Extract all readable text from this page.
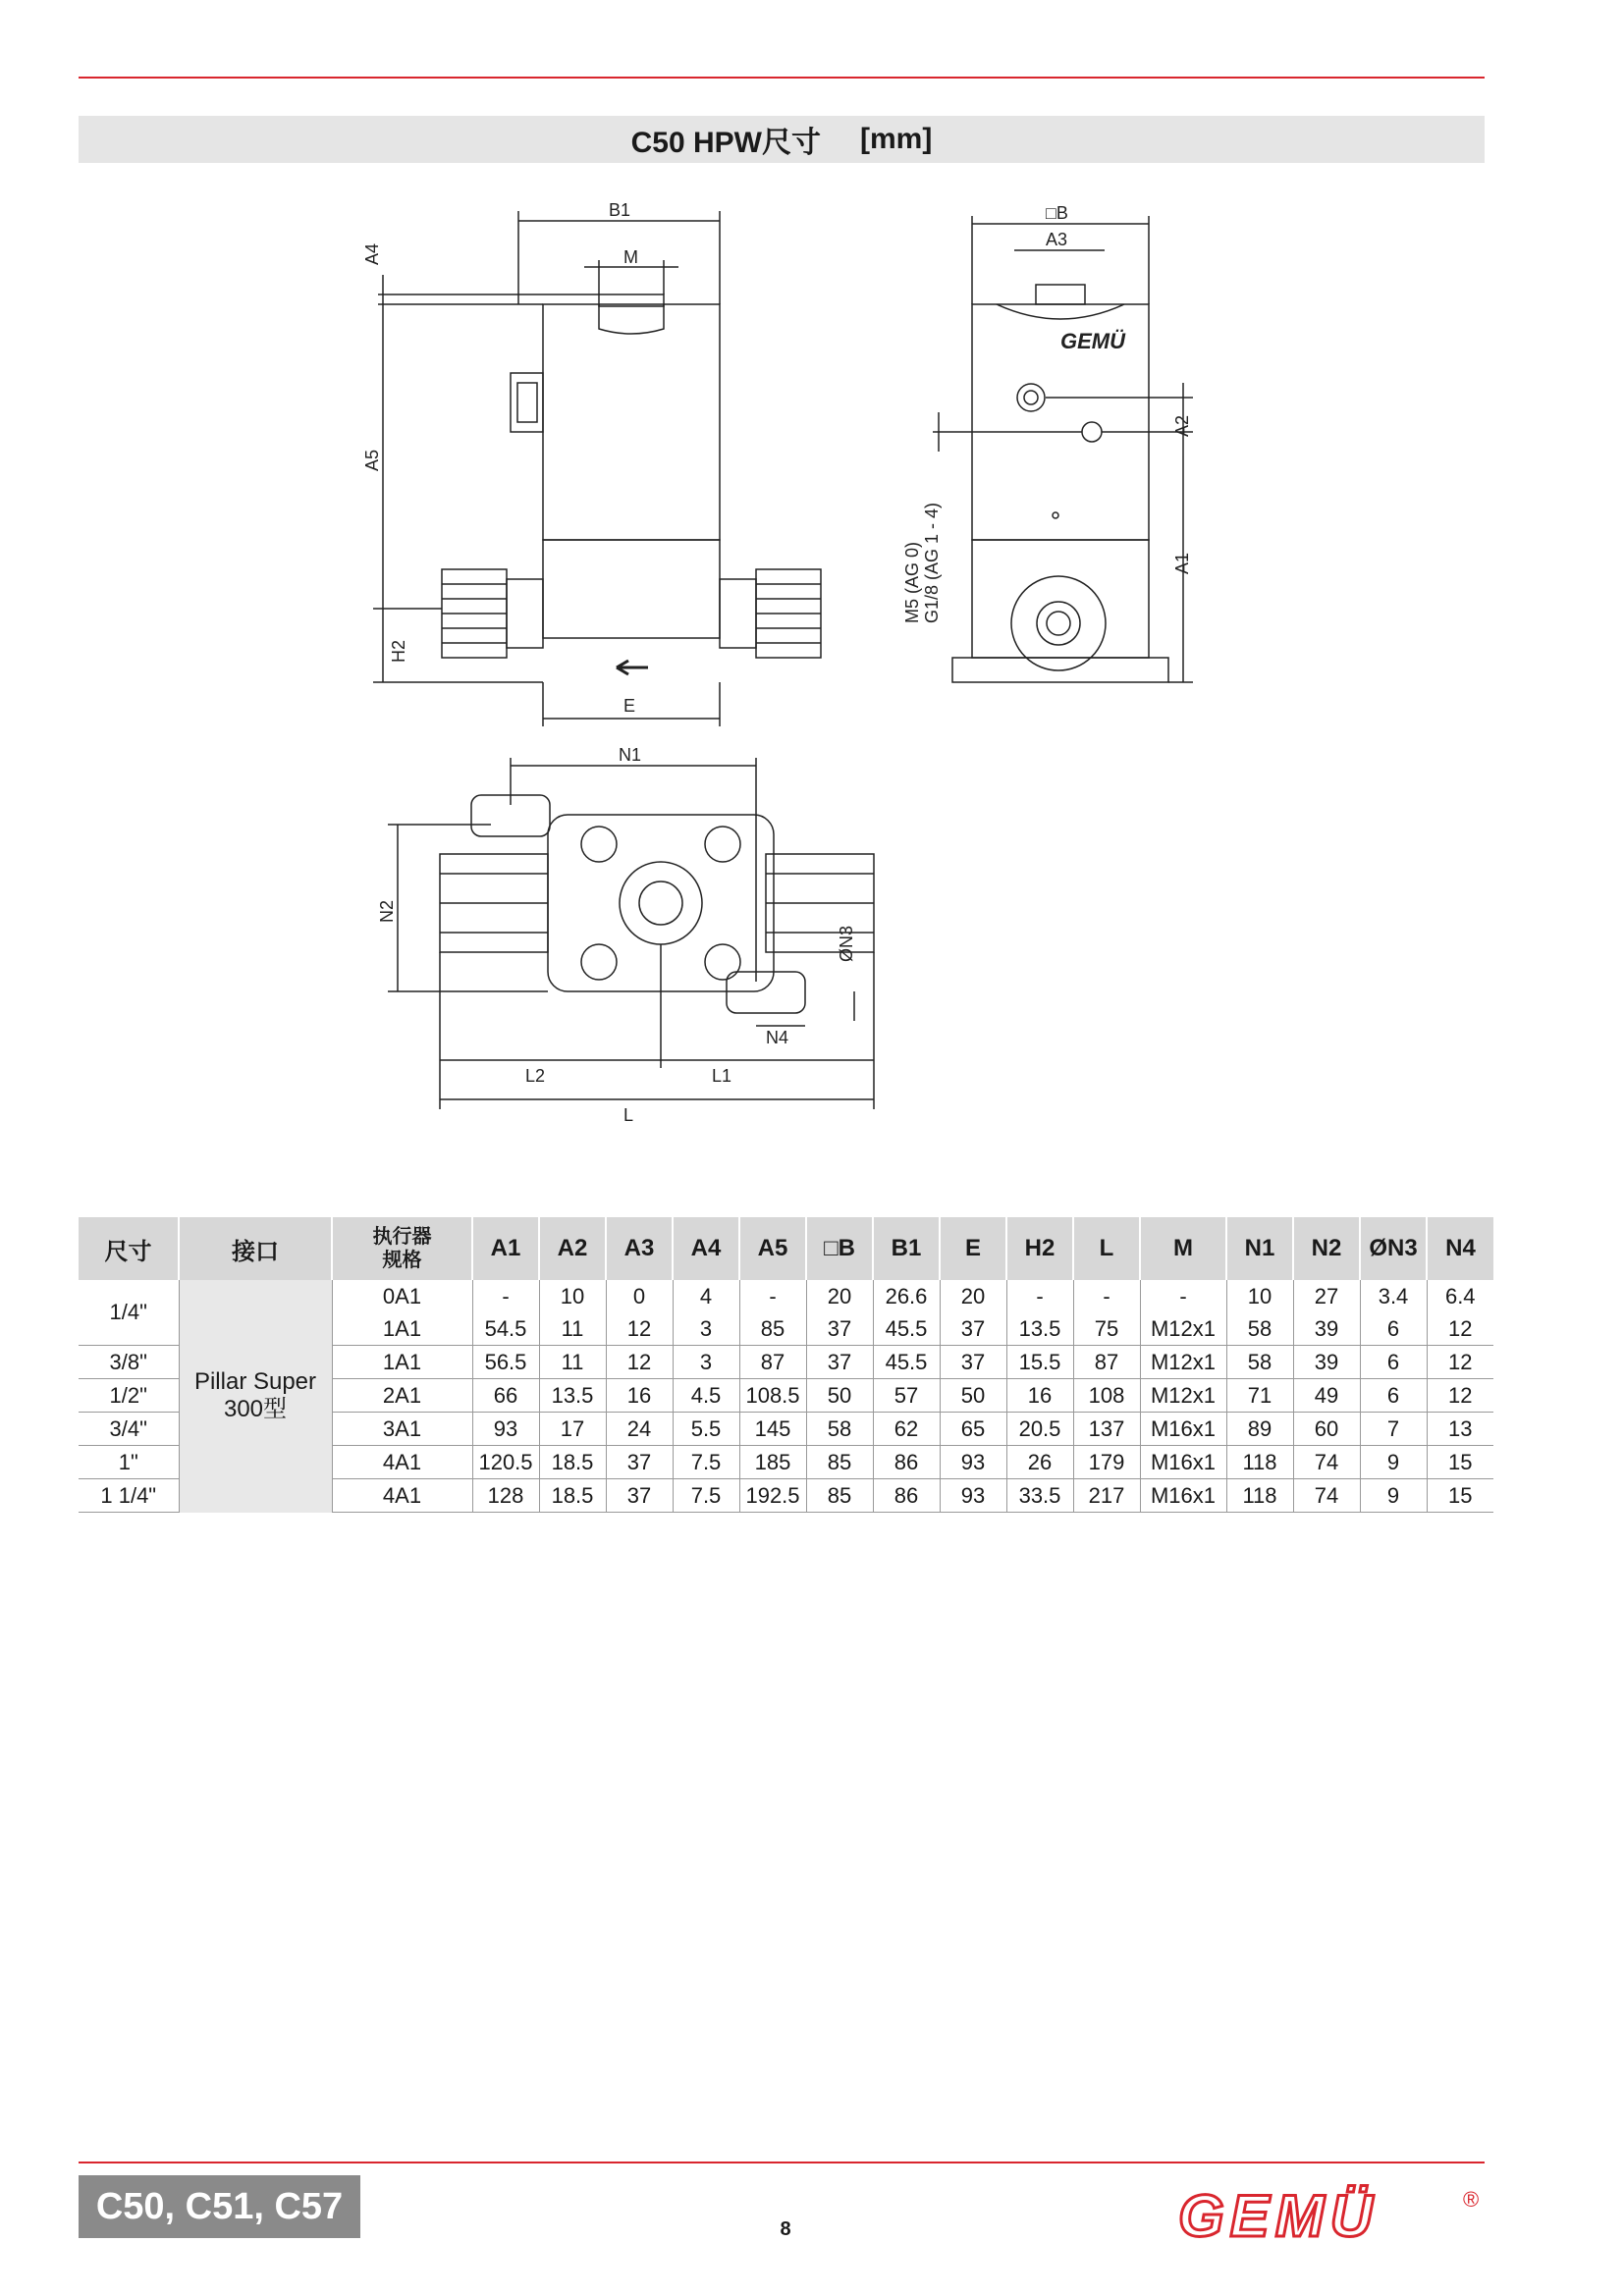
C50 HPW尺寸 [mm]
B1
M
A4
A5
H2
E
□B
A3
A2
A1
M5 (AG 0) G1/8 (AG 1 - 4)
N1
N2
ØN3
N4
L2	L1
L
GEMÜ
尺寸	接口	执行器
规格	A1	A2	A3	A4	A5	□B	B1	E	H2	L	M	N1	N2	ØN3	N4
1/4"	Pillar Super 300型	0A1	-	10	0	4	-	20	26.6	20	-	-	-	10	27	3.4	6.4
		1A1	54.5	11	12	3	85	37	45.5	37	13.5	75	M12x1	58	39	6	12
3/8"		1A1	56.5	11	12	3	87	37	45.5	37	15.5	87	M12x1	58	39	6	12
1/2"		2A1	66	13.5	16	4.5	108.5	50	57	50	16	108	M12x1	71	49	6	12
3/4"		3A1	93	17	24	5.5	145	58	62	65	20.5	137	M16x1	89	60	7	13
1"		4A1	120.5	18.5	37	7.5	185	85	86	93	26	179	M16x1	118	74	9	15
1 1/4"		4A1	128	18.5	37	7.5	192.5	85	86	93	33.5	217	M16x1	118	74	9	15
C50, C51, C57
8	GEMÜ	®
